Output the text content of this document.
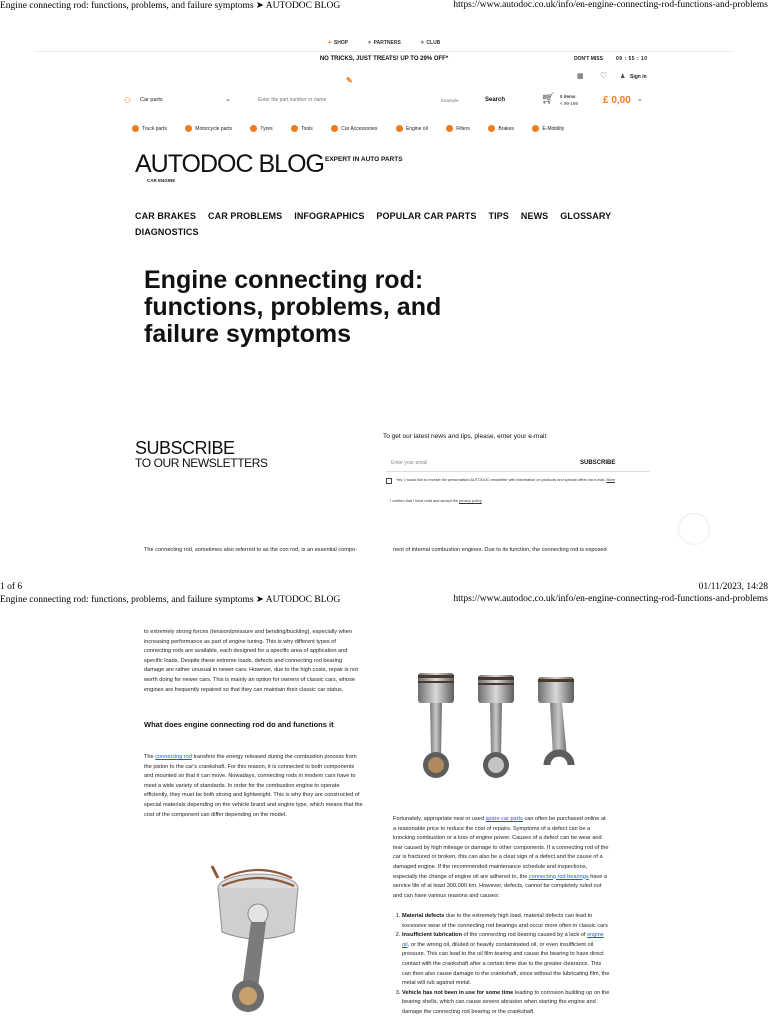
Engine connecting rod: functions, problems, and failure symptoms ➤ AUTODOC BLOG	https://www.autodoc.co.uk/info/en-engine-connecting-rod-functions-and-problems
✦ SHOP	✧ PARTNERS	✧ CLUB
NO TRICKS, JUST TREATS! UP TO 29% OFF*	DON'T MISS	09 : 55 : 10
✎	▦ ♡ ♟ Sign in
⚇ Car parts	⌄	Enter the part number or name	Example	Search	🛒︎ 0 items
< 99-199	£ 0,00 ⌄
Truck parts
	Motorcycle parts
	Tyres
	Tools
	Car Accessories
	Engine oil
	Filters
	Brakes
	E-Mobility
AUTODOC BLOG EXPERT IN AUTO PARTS
CAR ENGINE
CAR BRAKES CAR PROBLEMS INFOGRAPHICS POPULAR CAR PARTS TIPS NEWS GLOSSARY
DIAGNOSTICS
Engine connecting rod: functions, problems, and failure symptoms
SUBSCRIBE
TO OUR NEWSLETTERS
To get our latest news and tips, please, enter your e-mail:
Enter your email	SUBSCRIBE
Yes, I would like to receive the personalised AUTODOC newsletter with information on products and special offers via e-mail. More
I confirm that I have read and accept the privacy policy
The connecting rod, sometimes also referred to as the con rod, is an essential compo-	nent of internal combustion engines. Due to its function, the connecting rod is exposed
1 of 6	01/11/2023, 14:28
Engine connecting rod: functions, problems, and failure symptoms ➤ AUTODOC BLOG	https://www.autodoc.co.uk/info/en-engine-connecting-rod-functions-and-problems
to extremely strong forces (tension/pressure and bending/buckling), especially when increasing performance as part of engine tuning. This is why different types of connecting rods are available, each designed for a specific area of application and specific loads. Despite these extreme loads, defects and connecting rod bearing damage are rather unusual in newer cars. However, due to the high costs, repair is not worth doing for newer cars. This is mainly an option for owners of classic cars, whose engines are frequently repaired so that they can maintain their classic car status.
What does engine connecting rod do and functions it
The connecting rod transfers the energy released during the combustion process from the piston to the car's crankshaft. For this reason, it is connected to both components and mounted so that it can move. Nowadays, connecting rods in modern cars have to meet a wide variety of standards. In order for the combustion engine to operate efficiently, they must be both strong and lightweight. This is why they are constructed of special materials depending on the vehicle brand and engine type, which means that the cost of the component can differ depending on the model.
Fortunately, appropriate new or used spare car parts can often be purchased online at a reasonable price to reduce the cost of repairs. Symptoms of a defect can be a knocking combustion or a loss of engine power. Causes of a defect can be wear and tear caused by high mileage or damage to other components. If a connecting rod of the car is fractured or broken, this can also be a clear sign of a defect and the cause of a damaged engine. If the recommended maintenance schedule and inspections, especially the change of engine oil are adhered to, the connecting rod bearings have a service life of at least 300,000 km. However, defects, cannot be completely ruled out and can have various reasons and causes:
1. Material defects due to the extremely high load, material defects can lead to excessive wear of the connecting rod bearings and occur more often in classic cars
2. Insufficient lubrication of the connecting rod bearing caused by a lack of engine oil, or the wrong oil, diluted or heavily contaminated oil, or even insufficient oil pressure. This can lead to the oil film tearing and cause the bearing to have direct contact with the crankshaft after a certain time due to the greater clearance. This can then also cause damage to the crankshaft, since without the lubricating film, the metal will rub against metal.
3. Vehicle has not been in use for some time leading to corrosion building up on the bearing shells, which can cause severe abrasion when starting the engine and damage the connecting rod bearing or the crankshaft.
